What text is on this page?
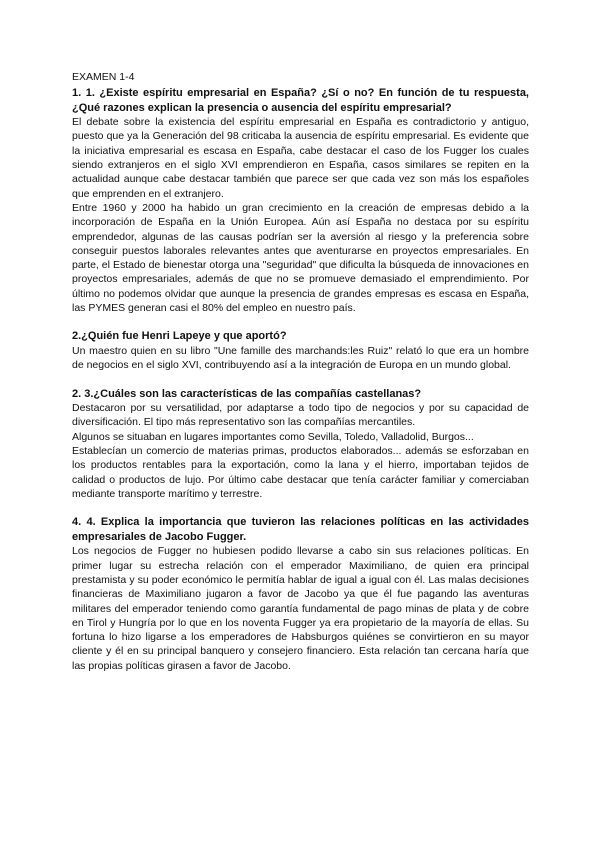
EXAMEN 1-4

1. 1. ¿Existe espíritu empresarial en España? ¿Sí o no? En función de tu respuesta, ¿Qué razones explican la presencia o ausencia del espíritu empresarial?

El debate sobre la existencia del espíritu empresarial en España es contradictorio y antiguo, puesto que ya la Generación del 98 criticaba la ausencia de espíritu empresarial. Es evidente que la iniciativa empresarial es escasa en España, cabe destacar el caso de los Fugger los cuales siendo extranjeros en el siglo XVI emprendieron en España, casos similares se repiten en la actualidad aunque cabe destacar también que parece ser que cada vez son más los españoles que emprenden en el extranjero.

Entre 1960 y 2000 ha habido un gran crecimiento en la creación de empresas debido a la incorporación de España en la Unión Europea. Aún así España no destaca por su espíritu emprendedor, algunas de las causas podrían ser la aversión al riesgo y la preferencia sobre conseguir puestos laborales relevantes antes que aventurarse en proyectos empresariales. En parte, el Estado de bienestar otorga una "seguridad" que dificulta la búsqueda de innovaciones en proyectos empresariales, además de que no se promueve demasiado el emprendimiento. Por último no podemos olvidar que aunque la presencia de grandes empresas es escasa en España, las PYMES generan casi el 80% del empleo en nuestro país.

2.¿Quién fue Henri Lapeye y que aportó?

Un maestro quien en su libro "Une famille des marchands:les Ruiz" relató lo que era un hombre de negocios en el siglo XVI, contribuyendo así a la integración de Europa en un mundo global.

2. 3.¿Cuáles son las características de las compañías castellanas?

Destacaron por su versatilidad, por adaptarse a todo tipo de negocios y por su capacidad de diversificación. El tipo más representativo son las compañías mercantiles.

Algunos se situaban en lugares importantes como Sevilla, Toledo, Valladolid, Burgos...

Establecían un comercio de materias primas, productos elaborados... además se esforzaban en los productos rentables para la exportación, como la lana y el hierro, importaban tejidos de calidad o productos de lujo. Por último cabe destacar que tenía carácter familiar y comerciaban mediante transporte marítimo y terrestre.

4. 4. Explica la importancia que tuvieron las relaciones políticas en las actividades empresariales de Jacobo Fugger.

Los negocios de Fugger no hubiesen podido llevarse a cabo sin sus relaciones políticas. En primer lugar su estrecha relación con el emperador Maximiliano, de quien era principal prestamista y su poder económico le permitía hablar de igual a igual con él. Las malas decisiones financieras de Maximiliano jugaron a favor de Jacobo ya que él fue pagando las aventuras militares del emperador teniendo como garantía fundamental de pago minas de plata y de cobre en Tirol y Hungría por lo que en los noventa Fugger ya era propietario de la mayoría de ellas. Su fortuna lo hizo ligarse a los emperadores de Habsburgos quiénes se convirtieron en su mayor cliente y él en su principal banquero y consejero financiero. Esta relación tan cercana haría que las propias políticas girasen a favor de Jacobo.
